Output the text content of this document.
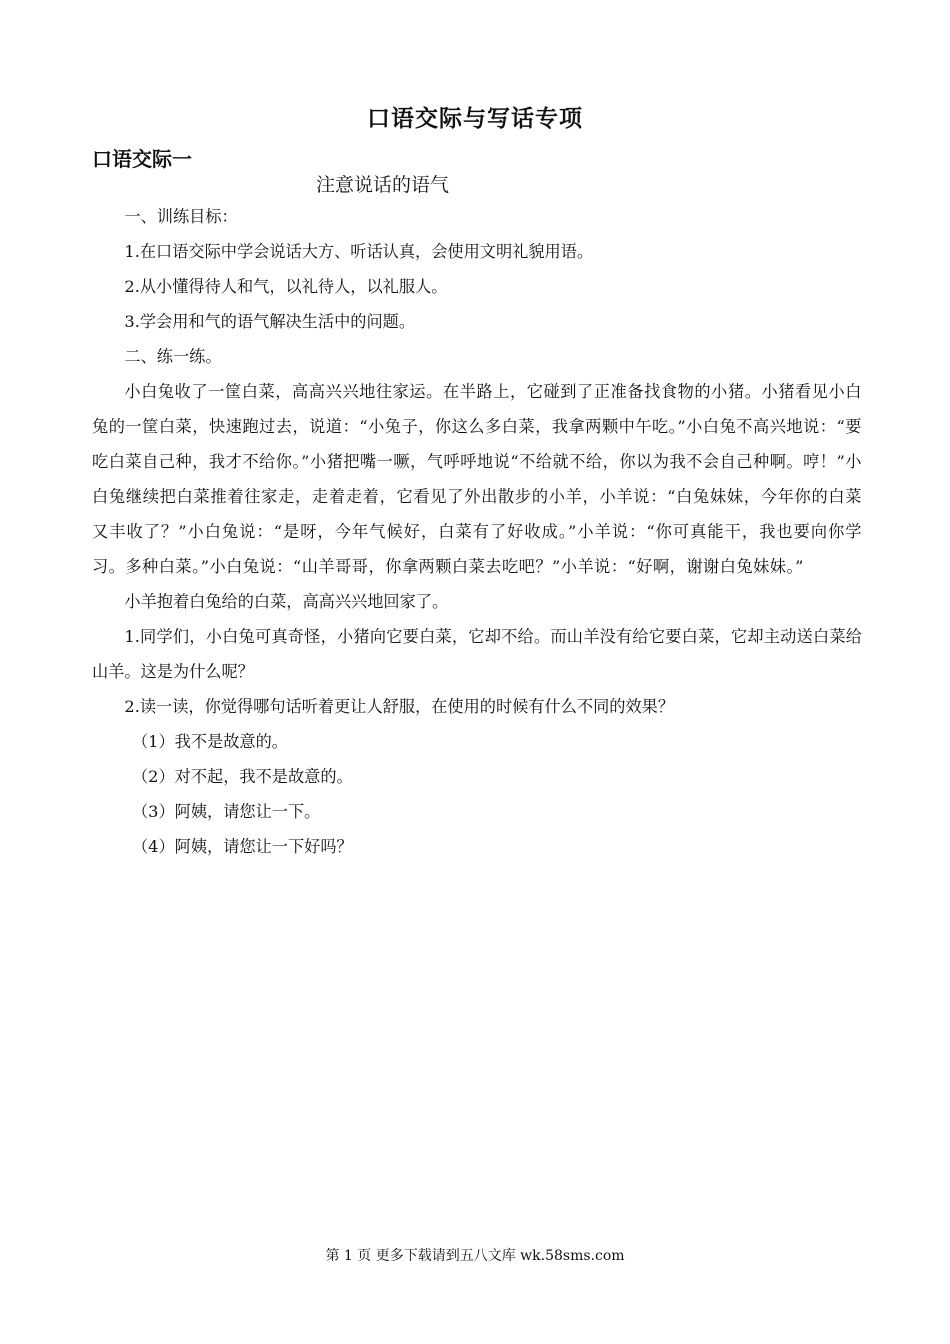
口语交际与写话专项
口语交际一
注意说话的语气

一、训练目标：

1.在口语交际中学会说话大方、听话认真，会使用文明礼貌用语。

2.从小懂得待人和气，以礼待人，以礼服人。

3.学会用和气的语气解决生活中的问题。

二、练一练。

小白兔收了一筐白菜，高高兴兴地往家运。在半路上，它碰到了正准备找食物的小猪。小猪看见小白兔的一筐白菜，快速跑过去，说道：“小兔子，你这么多白菜，我拿两颗中午吃。”小白兔不高兴地说：“要吃白菜自己种，我才不给你。”小猪把嘴一噘，气呼呼地说“不给就不给，你以为我不会自己种啊。哼！”小白兔继续把白菜推着往家走，走着走着，它看见了外出散步的小羊，小羊说：“白兔妹妹，今年你的白菜又丰收了？”小白兔说：“是呀，今年气候好，白菜有了好收成。”小羊说：“你可真能干，我也要向你学习。多种白菜。”小白兔说：“山羊哥哥，你拿两颗白菜去吃吧？”小羊说：“好啊，谢谢白兔妹妹。”

小羊抱着白兔给的白菜，高高兴兴地回家了。

1.同学们，小白兔可真奇怪，小猪向它要白菜，它却不给。而山羊没有给它要白菜，它却主动送白菜给山羊。这是为什么呢？

2.读一读，你觉得哪句话听着更让人舒服，在使用的时候有什么不同的效果？

（1）我不是故意的。

（2）对不起，我不是故意的。

（3）阿姨，请您让一下。

（4）阿姨，请您让一下好吗？

第 1 页 更多下载请到五八文库 wk.58sms.com
